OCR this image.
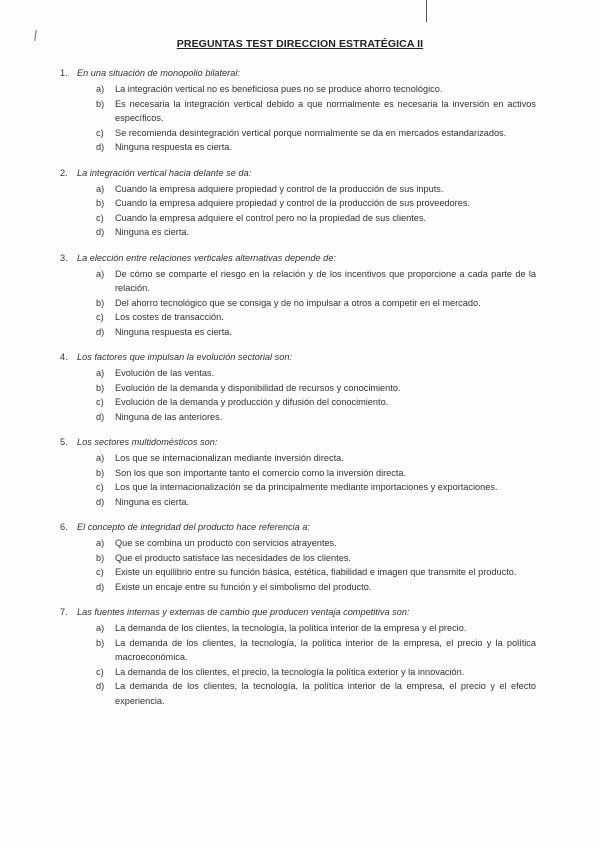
PREGUNTAS TEST DIRECCION ESTRATÉGICA II
1.	En una situación de monopolio bilateral:
a)	La integración vertical no es beneficiosa pues no se produce ahorro tecnológico.
b)	Es necesaria la integración vertical debido a que normalmente es necesaria la inversión en activos específicos.
c)	Se recomienda desintegración vertical porque normalmente se da en mercados estandarizados.
d)	Ninguna respuesta es cierta.
2.	La integración vertical hacia delante se da:
a)	Cuando la empresa adquiere propiedad y control de la producción de sus inputs.
b)	Cuando la empresa adquiere propiedad y control de la producción de sus proveedores.
c)	Cuando la empresa adquiere el control pero no la propiedad de sus clientes.
d)	Ninguna es cierta.
3.	La elección entre relaciones verticales alternativas depende de:
a)	De cómo se comparte el riesgo en la relación y de los incentivos que proporcione a cada parte de la relación.
b)	Del ahorro tecnológico que se consiga y de no impulsar a otros a competir en el mercado.
c)	Los costes de transacción.
d)	Ninguna respuesta es cierta.
4.	Los factores que impulsan la evolución sectorial son:
a)	Evolución de las ventas.
b)	Evolución de la demanda y disponibilidad de recursos y conocimiento.
c)	Evolución de la demanda y producción y difusión del conocimiento.
d)	Ninguna de las anteriores.
5.	Los sectores multidomésticos son:
a)	Los que se internacionalizan mediante inversión directa.
b)	Son los que son importante tanto el comercio como la inversión directa.
c)	Los que la internacionalización se da principalmente mediante importaciones y exportaciones.
d)	Ninguna es cierta.
6.	El concepto de integridad del producto hace referencia a:
a)	Que se combina un producto con servicios atrayentes.
b)	Que el producto satisface las necesidades de los clientes.
c)	Existe un equilibrio entre su función básica, estética, fiabilidad e imagen que transmite el producto.
d)	Existe un encaje entre su función y el simbolismo del producto.
7.	Las fuentes internas y externas de cambio que producen ventaja competitiva son:
a)	La demanda de los clientes, la tecnología, la política interior de la empresa y el precio.
b)	La demanda de los clientes, la tecnología, la política interior de la empresa, el precio y la política macroeconómica.
c)	La demanda de los clientes, el precio, la tecnología la política exterior y la innovación.
d)	La demanda de los clientes, la tecnología, la política interior de la empresa, el precio y el efecto experiencia.
